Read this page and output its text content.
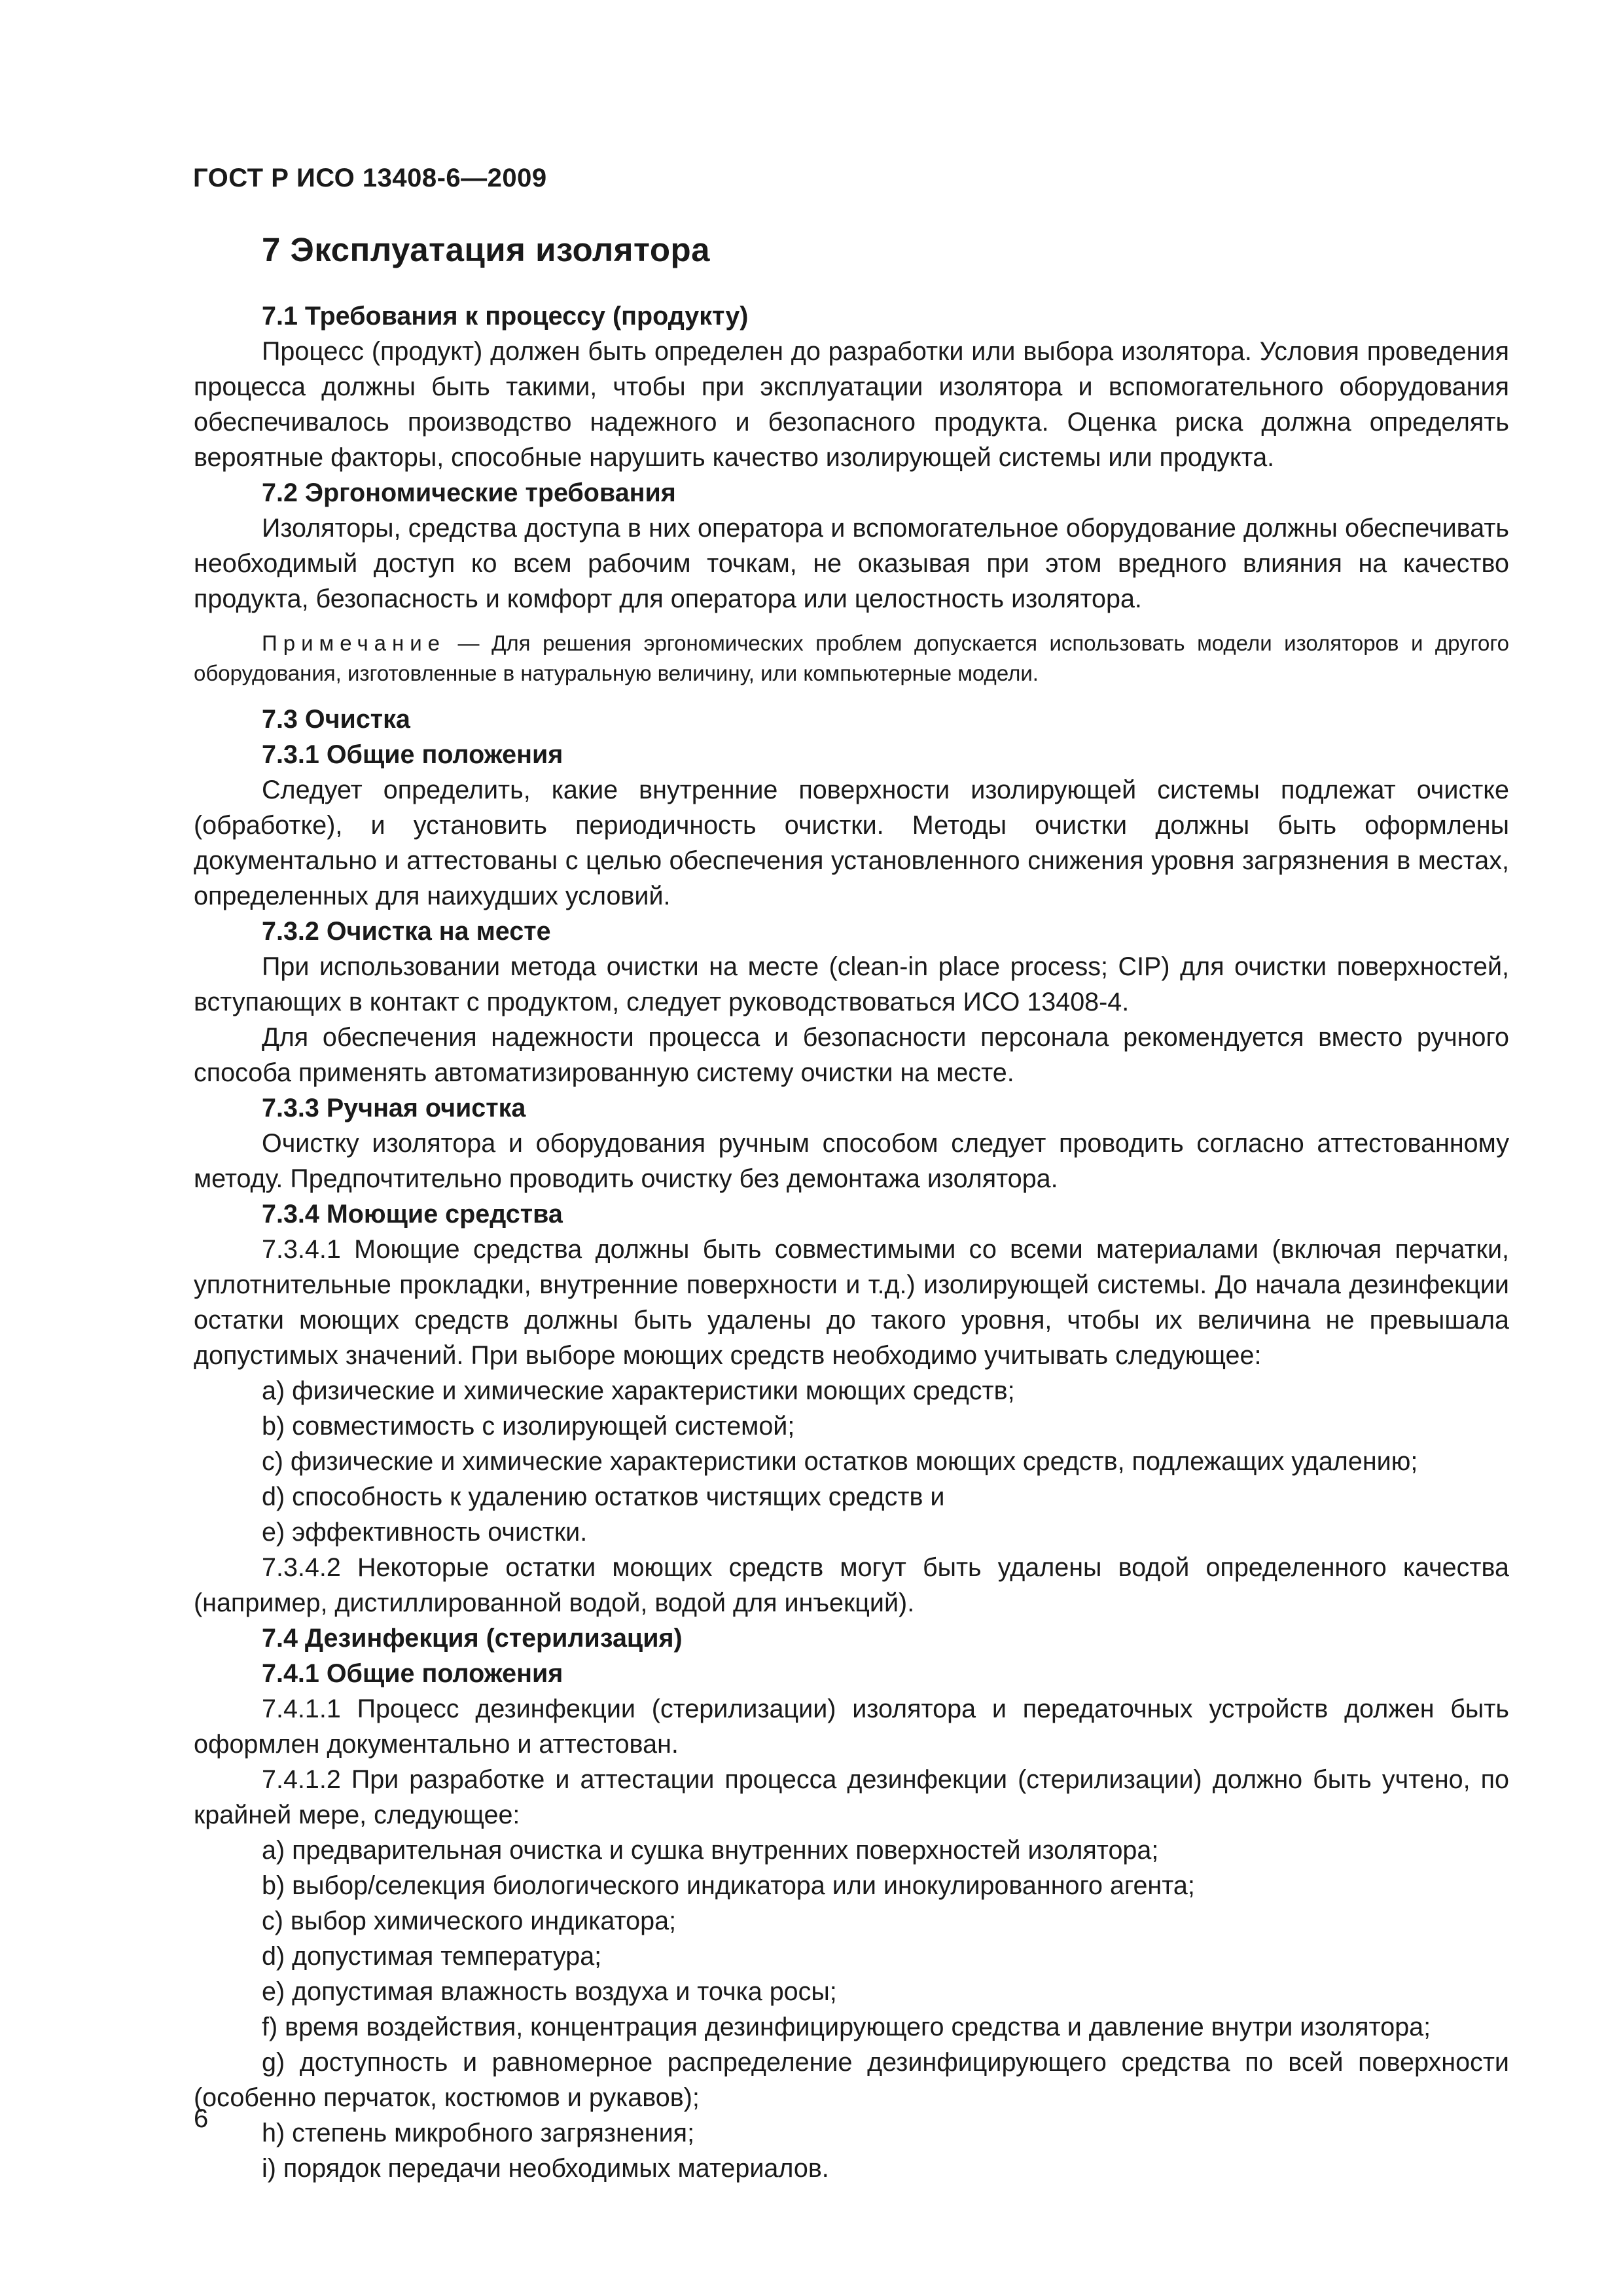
ГОСТ Р ИСО 13408-6—2009
7 Эксплуатация изолятора

7.1 Требования к процессу (продукту)

Процесс (продукт) должен быть определен до разработки или выбора изолятора. Условия проведения процесса должны быть такими, чтобы при эксплуатации изолятора и вспомогательного оборудования обеспечивалось производство надежного и безопасного продукта. Оценка риска должна определять вероятные факторы, способные нарушить качество изолирующей системы или продукта.

7.2 Эргономические требования

Изоляторы, средства доступа в них оператора и вспомогательное оборудование должны обеспечивать необходимый доступ ко всем рабочим точкам, не оказывая при этом вредного влияния на качество продукта, безопасность и комфорт для оператора или целостность изолятора.

Примечание — Для решения эргономических проблем допускается использовать модели изоляторов и другого оборудования, изготовленные в натуральную величину, или компьютерные модели.

7.3 Очистка

7.3.1 Общие положения

Следует определить, какие внутренние поверхности изолирующей системы подлежат очистке (обработке), и установить периодичность очистки. Методы очистки должны быть оформлены документально и аттестованы с целью обеспечения установленного снижения уровня загрязнения в местах, определенных для наихудших условий.

7.3.2 Очистка на месте

При использовании метода очистки на месте (clean-in place process; CIP) для очистки поверхностей, вступающих в контакт с продуктом, следует руководствоваться ИСО 13408-4.

Для обеспечения надежности процесса и безопасности персонала рекомендуется вместо ручного способа применять автоматизированную систему очистки на месте.

7.3.3 Ручная очистка

Очистку изолятора и оборудования ручным способом следует проводить согласно аттестованному методу. Предпочтительно проводить очистку без демонтажа изолятора.

7.3.4 Моющие средства

7.3.4.1 Моющие средства должны быть совместимыми со всеми материалами (включая перчатки, уплотнительные прокладки, внутренние поверхности и т.д.) изолирующей системы. До начала дезинфекции остатки моющих средств должны быть удалены до такого уровня, чтобы их величина не превышала допустимых значений. При выборе моющих средств необходимо учитывать следующее:

a) физические и химические характеристики моющих средств;

b) совместимость с изолирующей системой;

c) физические и химические характеристики остатков моющих средств, подлежащих удалению;

d) способность к удалению остатков чистящих средств и

e) эффективность очистки.

7.3.4.2 Некоторые остатки моющих средств могут быть удалены водой определенного качества (например, дистиллированной водой, водой для инъекций).

7.4 Дезинфекция (стерилизация)

7.4.1 Общие положения

7.4.1.1 Процесс дезинфекции (стерилизации) изолятора и передаточных устройств должен быть оформлен документально и аттестован.

7.4.1.2 При разработке и аттестации процесса дезинфекции (стерилизации) должно быть учтено, по крайней мере, следующее:

a) предварительная очистка и сушка внутренних поверхностей изолятора;

b) выбор/селекция биологического индикатора или инокулированного агента;

c) выбор химического индикатора;

d) допустимая температура;

e) допустимая влажность воздуха и точка росы;

f) время воздействия, концентрация дезинфицирующего средства и давление внутри изолятора;

g) доступность и равномерное распределение дезинфицирующего средства по всей поверхности (особенно перчаток, костюмов и рукавов);

h) степень микробного загрязнения;

i) порядок передачи необходимых материалов.

6
